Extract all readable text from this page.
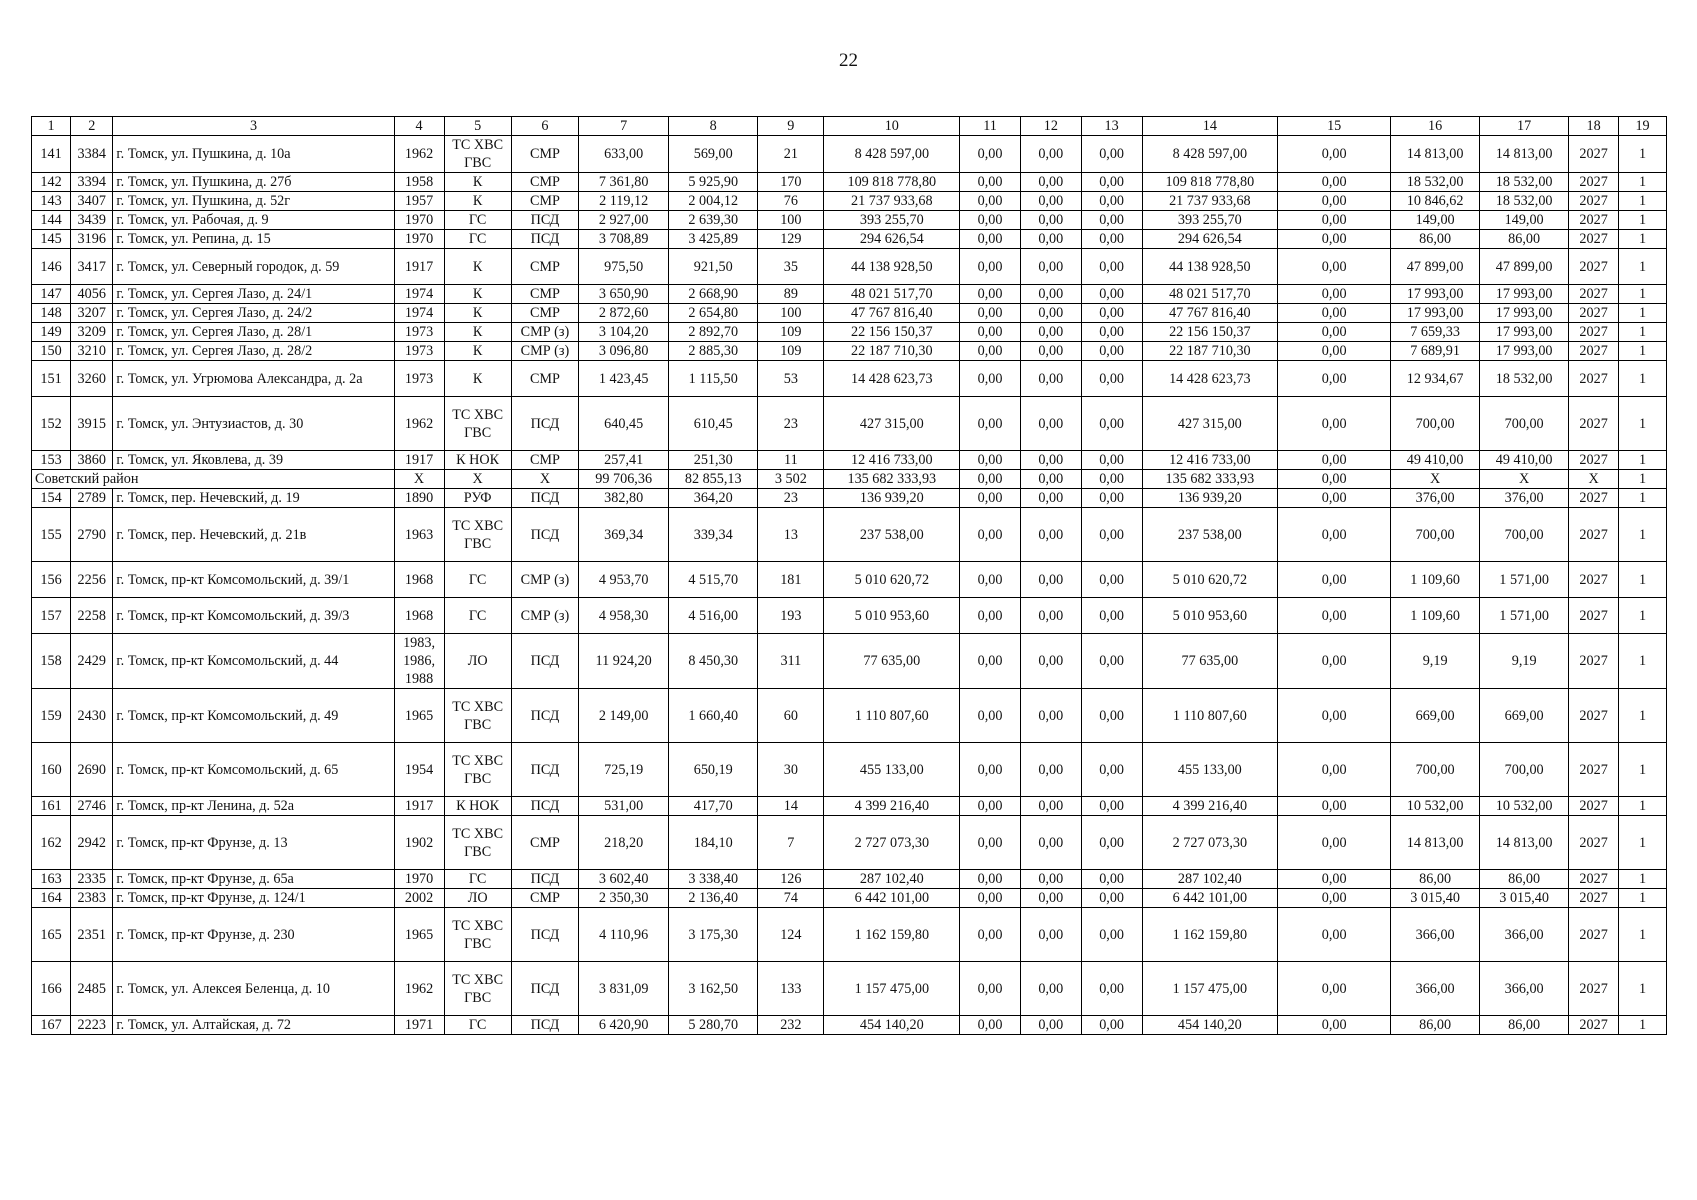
22
1	2	3	4	5	6	7	8	9	10	11	12	13	14	15	16	17	18	19
141	3384	г. Томск, ул. Пушкина, д. 10а	1962	ТС ХВС ГВС	СМР	633,00	569,00	21	8 428 597,00	0,00	0,00	0,00	8 428 597,00	0,00	14 813,00	14 813,00	2027	1
142	3394	г. Томск, ул. Пушкина, д. 27б	1958	К	СМР	7 361,80	5 925,90	170	109 818 778,80	0,00	0,00	0,00	109 818 778,80	0,00	18 532,00	18 532,00	2027	1
143	3407	г. Томск, ул. Пушкина, д. 52г	1957	К	СМР	2 119,12	2 004,12	76	21 737 933,68	0,00	0,00	0,00	21 737 933,68	0,00	10 846,62	18 532,00	2027	1
144	3439	г. Томск, ул. Рабочая, д. 9	1970	ГС	ПСД	2 927,00	2 639,30	100	393 255,70	0,00	0,00	0,00	393 255,70	0,00	149,00	149,00	2027	1
145	3196	г. Томск, ул. Репина, д. 15	1970	ГС	ПСД	3 708,89	3 425,89	129	294 626,54	0,00	0,00	0,00	294 626,54	0,00	86,00	86,00	2027	1
146	3417	г. Томск, ул. Северный городок, д. 59	1917	К	СМР	975,50	921,50	35	44 138 928,50	0,00	0,00	0,00	44 138 928,50	0,00	47 899,00	47 899,00	2027	1
147	4056	г. Томск, ул. Сергея Лазо, д. 24/1	1974	К	СМР	3 650,90	2 668,90	89	48 021 517,70	0,00	0,00	0,00	48 021 517,70	0,00	17 993,00	17 993,00	2027	1
148	3207	г. Томск, ул. Сергея Лазо, д. 24/2	1974	К	СМР	2 872,60	2 654,80	100	47 767 816,40	0,00	0,00	0,00	47 767 816,40	0,00	17 993,00	17 993,00	2027	1
149	3209	г. Томск, ул. Сергея Лазо, д. 28/1	1973	К	СМР (з)	3 104,20	2 892,70	109	22 156 150,37	0,00	0,00	0,00	22 156 150,37	0,00	7 659,33	17 993,00	2027	1
150	3210	г. Томск, ул. Сергея Лазо, д. 28/2	1973	К	СМР (з)	3 096,80	2 885,30	109	22 187 710,30	0,00	0,00	0,00	22 187 710,30	0,00	7 689,91	17 993,00	2027	1
151	3260	г. Томск, ул. Угрюмова Александра, д. 2а	1973	К	СМР	1 423,45	1 115,50	53	14 428 623,73	0,00	0,00	0,00	14 428 623,73	0,00	12 934,67	18 532,00	2027	1
152	3915	г. Томск, ул. Энтузиастов, д. 30	1962	ТС ХВС ГВС	ПСД	640,45	610,45	23	427 315,00	0,00	0,00	0,00	427 315,00	0,00	700,00	700,00	2027	1
153	3860	г. Томск, ул. Яковлева, д. 39	1917	К НОК	СМР	257,41	251,30	11	12 416 733,00	0,00	0,00	0,00	12 416 733,00	0,00	49 410,00	49 410,00	2027	1
Советский район			X	X	X	99 706,36	82 855,13	3 502	135 682 333,93	0,00	0,00	0,00	135 682 333,93	0,00	X	X	X	1
154	2789	г. Томск, пер. Нечевский, д. 19	1890	РУФ	ПСД	382,80	364,20	23	136 939,20	0,00	0,00	0,00	136 939,20	0,00	376,00	376,00	2027	1
155	2790	г. Томск, пер. Нечевский, д. 21в	1963	ТС ХВС ГВС	ПСД	369,34	339,34	13	237 538,00	0,00	0,00	0,00	237 538,00	0,00	700,00	700,00	2027	1
156	2256	г. Томск, пр-кт Комсомольский, д. 39/1	1968	ГС	СМР (з)	4 953,70	4 515,70	181	5 010 620,72	0,00	0,00	0,00	5 010 620,72	0,00	1 109,60	1 571,00	2027	1
157	2258	г. Томск, пр-кт Комсомольский, д. 39/3	1968	ГС	СМР (з)	4 958,30	4 516,00	193	5 010 953,60	0,00	0,00	0,00	5 010 953,60	0,00	1 109,60	1 571,00	2027	1
158	2429	г. Томск, пр-кт Комсомольский, д. 44	1983, 1986, 1988	ЛО	ПСД	11 924,20	8 450,30	311	77 635,00	0,00	0,00	0,00	77 635,00	0,00	9,19	9,19	2027	1
159	2430	г. Томск, пр-кт Комсомольский, д. 49	1965	ТС ХВС ГВС	ПСД	2 149,00	1 660,40	60	1 110 807,60	0,00	0,00	0,00	1 110 807,60	0,00	669,00	669,00	2027	1
160	2690	г. Томск, пр-кт Комсомольский, д. 65	1954	ТС ХВС ГВС	ПСД	725,19	650,19	30	455 133,00	0,00	0,00	0,00	455 133,00	0,00	700,00	700,00	2027	1
161	2746	г. Томск, пр-кт Ленина, д. 52а	1917	К НОК	ПСД	531,00	417,70	14	4 399 216,40	0,00	0,00	0,00	4 399 216,40	0,00	10 532,00	10 532,00	2027	1
162	2942	г. Томск, пр-кт Фрунзе, д. 13	1902	ТС ХВС ГВС	СМР	218,20	184,10	7	2 727 073,30	0,00	0,00	0,00	2 727 073,30	0,00	14 813,00	14 813,00	2027	1
163	2335	г. Томск, пр-кт Фрунзе, д. 65а	1970	ГС	ПСД	3 602,40	3 338,40	126	287 102,40	0,00	0,00	0,00	287 102,40	0,00	86,00	86,00	2027	1
164	2383	г. Томск, пр-кт Фрунзе, д. 124/1	2002	ЛО	СМР	2 350,30	2 136,40	74	6 442 101,00	0,00	0,00	0,00	6 442 101,00	0,00	3 015,40	3 015,40	2027	1
165	2351	г. Томск, пр-кт Фрунзе, д. 230	1965	ТС ХВС ГВС	ПСД	4 110,96	3 175,30	124	1 162 159,80	0,00	0,00	0,00	1 162 159,80	0,00	366,00	366,00	2027	1
166	2485	г. Томск, ул. Алексея Беленца, д. 10	1962	ТС ХВС ГВС	ПСД	3 831,09	3 162,50	133	1 157 475,00	0,00	0,00	0,00	1 157 475,00	0,00	366,00	366,00	2027	1
167	2223	г. Томск, ул. Алтайская, д. 72	1971	ГС	ПСД	6 420,90	5 280,70	232	454 140,20	0,00	0,00	0,00	454 140,20	0,00	86,00	86,00	2027	1
